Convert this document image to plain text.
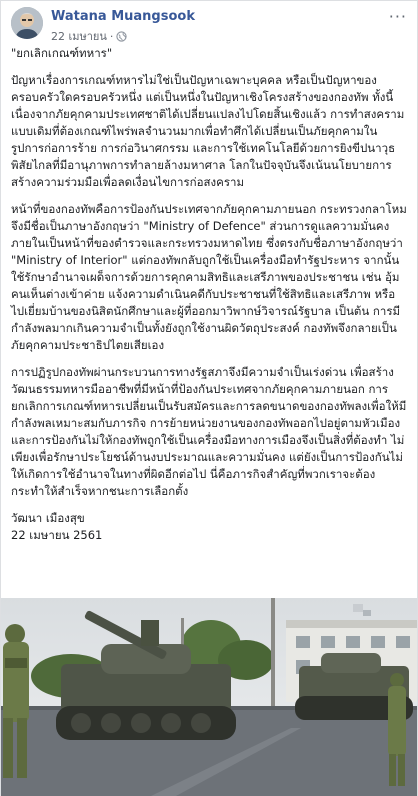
Watana Muangsook
22 เมษายน ·
···

"ยกเลิกเกณฑ์ทหาร"

ปัญหาเรื่องการเกณฑ์ทหารไม่ใช่เป็นปัญหาเฉพาะบุคคล หรือเป็นปัญหาของครอบครัวใดครอบครัวหนึ่ง แต่เป็นหนึ่งในปัญหาเชิงโครงสร้างของกองทัพ ทั้งนี้เนื่องจากภัยคุกคามประเทศชาติได้เปลี่ยนแปลงไปโดยสิ้นเชิงแล้ว การทำสงครามแบบเดิมที่ต้องเกณฑ์ไพร่พลจำนวนมากเพื่อทำศึกได้เปลี่ยนเป็นภัยคุกคามในรูปการก่อการร้าย การก่อวินาศกรรม และการใช้เทคโนโลยีด้วยการยิงขีปนาวุธพิสัยไกลที่มีอานุภาพการทำลายล้างมหาศาล โลกในปัจจุบันจึงเน้นนโยบายการสร้างความร่วมมือเพื่อลดเงื่อนไขการก่อสงคราม

หน้าที่ของกองทัพคือการป้องกันประเทศจากภัยคุกคามภายนอก กระทรวงกลาโหมจึงมีชื่อเป็นภาษาอังกฤษว่า "Ministry of Defence" ส่วนการดูแลความมั่นคงภายในเป็นหน้าที่ของตำรวจและกระทรวงมหาดไทย ซึ่งตรงกับชื่อภาษาอังกฤษว่า "Ministry of Interior" แต่กองทัพกลับถูกใช้เป็นเครื่องมือทำรัฐประหาร จากนั้นใช้รักษาอำนาจเผด็จการด้วยการคุกคามสิทธิและเสรีภาพของประชาชน เช่น อุ้มคนเห็นต่างเข้าค่าย แจ้งความดำเนินคดีกับประชาชนที่ใช้สิทธิและเสรีภาพ หรือไปเยี่ยมบ้านของนิสิตนักศึกษาและผู้ที่ออกมาวิพากษ์วิจารณ์รัฐบาล เป็นต้น การมีกำลังพลมากเกินความจำเป็นทั้งยังถูกใช้งานผิดวัตถุประสงค์ กองทัพจึงกลายเป็นภัยคุกคามประชาธิปไตยเสียเอง

การปฏิรูปกองทัพผ่านกระบวนการทางรัฐสภาจึงมีความจำเป็นเร่งด่วน เพื่อสร้างวัฒนธรรมทหารมืออาชีพที่มีหน้าที่ป้องกันประเทศจากภัยคุกคามภายนอก การยกเลิกการเกณฑ์ทหารเปลี่ยนเป็นรับสมัครและการลดขนาดของกองทัพลงเพื่อให้มีกำลังพลเหมาะสมกับภารกิจ การย้ายหน่วยงานของกองทัพออกไปอยู่ตามหัวเมือง และการป้องกันไม่ให้กองทัพถูกใช้เป็นเครื่องมือทางการเมืองจึงเป็นสิ่งที่ต้องทำ ไม่เพียงเพื่อรักษาประโยชน์ด้านงบประมาณและความมั่นคง แต่ยังเป็นการป้องกันไม่ให้เกิดการใช้อำนาจในทางที่ผิดอีกต่อไป นี่คือภารกิจสำคัญที่พวกเราจะต้องกระทำให้สำเร็จหากชนะการเลือกตั้ง

วัฒนา เมืองสุข
22 เมษายน 2561
